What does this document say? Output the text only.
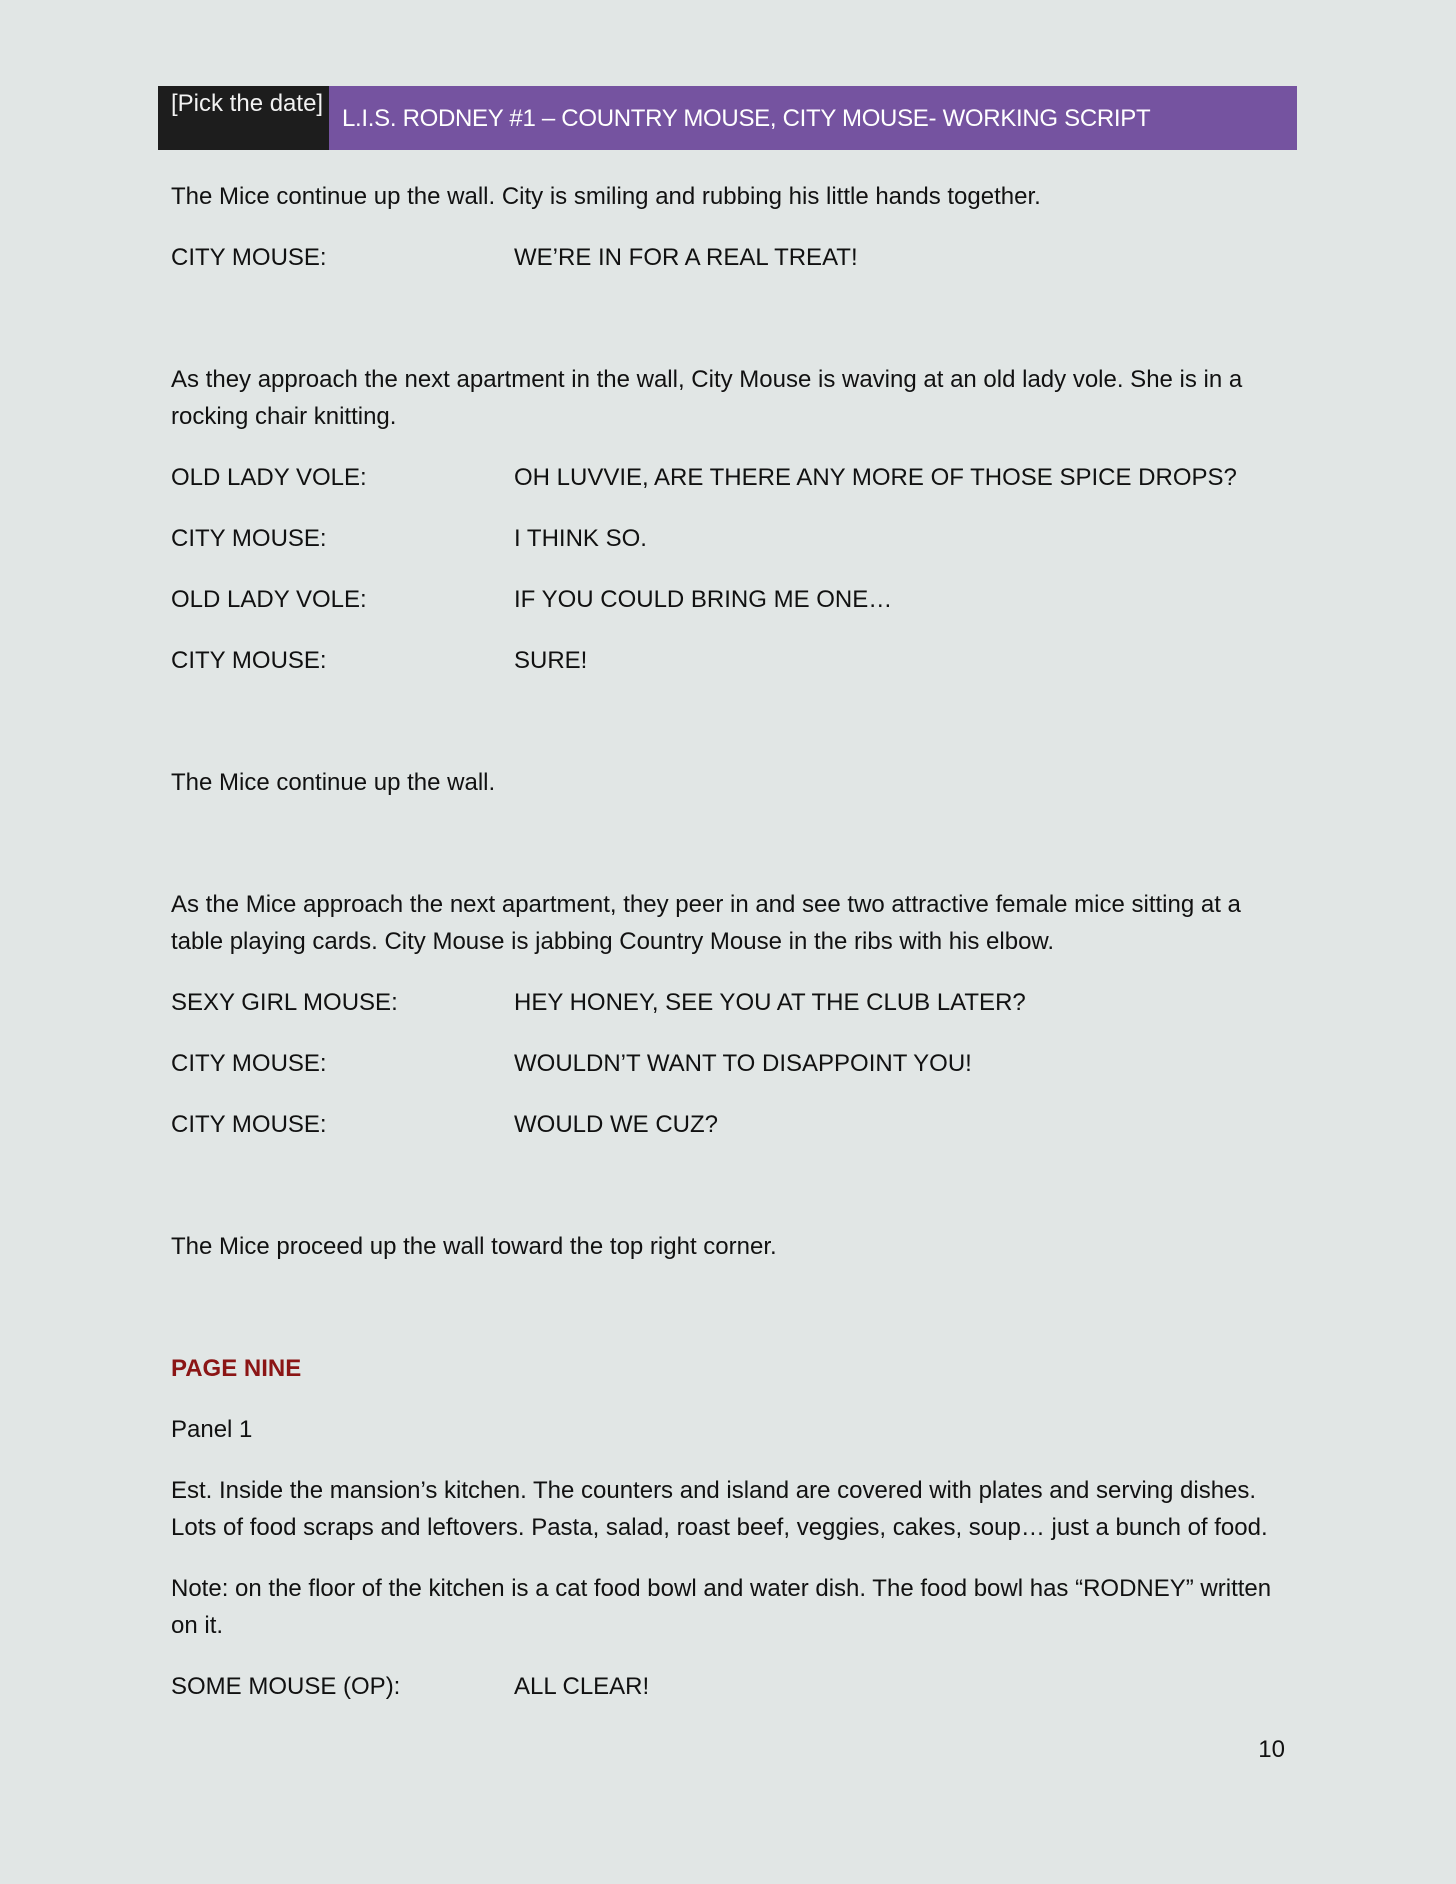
[Pick the date]
L.I.S. RODNEY #1 – COUNTRY MOUSE, CITY MOUSE- WORKING SCRIPT

The Mice continue up the wall. City is smiling and rubbing his little hands together.

CITY MOUSE:	WE’RE IN FOR A REAL TREAT!

As they approach the next apartment in the wall, City Mouse is waving at an old lady vole. She is in a rocking chair knitting.

OLD LADY VOLE:	OH LUVVIE, ARE THERE ANY MORE OF THOSE SPICE DROPS?
CITY MOUSE:	I THINK SO.
OLD LADY VOLE:	IF YOU COULD BRING ME ONE…
CITY MOUSE:	SURE!

The Mice continue up the wall.

As the Mice approach the next apartment, they peer in and see two attractive female mice sitting at a table playing cards. City Mouse is jabbing Country Mouse in the ribs with his elbow.

SEXY GIRL MOUSE:	HEY HONEY, SEE YOU AT THE CLUB LATER?
CITY MOUSE:	WOULDN’T WANT TO DISAPPOINT YOU!
CITY MOUSE:	WOULD WE CUZ?

The Mice proceed up the wall toward the top right corner.

PAGE NINE

Panel 1

Est. Inside the mansion’s kitchen. The counters and island are covered with plates and serving dishes. Lots of food scraps and leftovers. Pasta, salad, roast beef, veggies, cakes, soup… just a bunch of food.

Note: on the floor of the kitchen is a cat food bowl and water dish. The food bowl has “RODNEY” written on it.

SOME MOUSE (OP):	ALL CLEAR!
10
